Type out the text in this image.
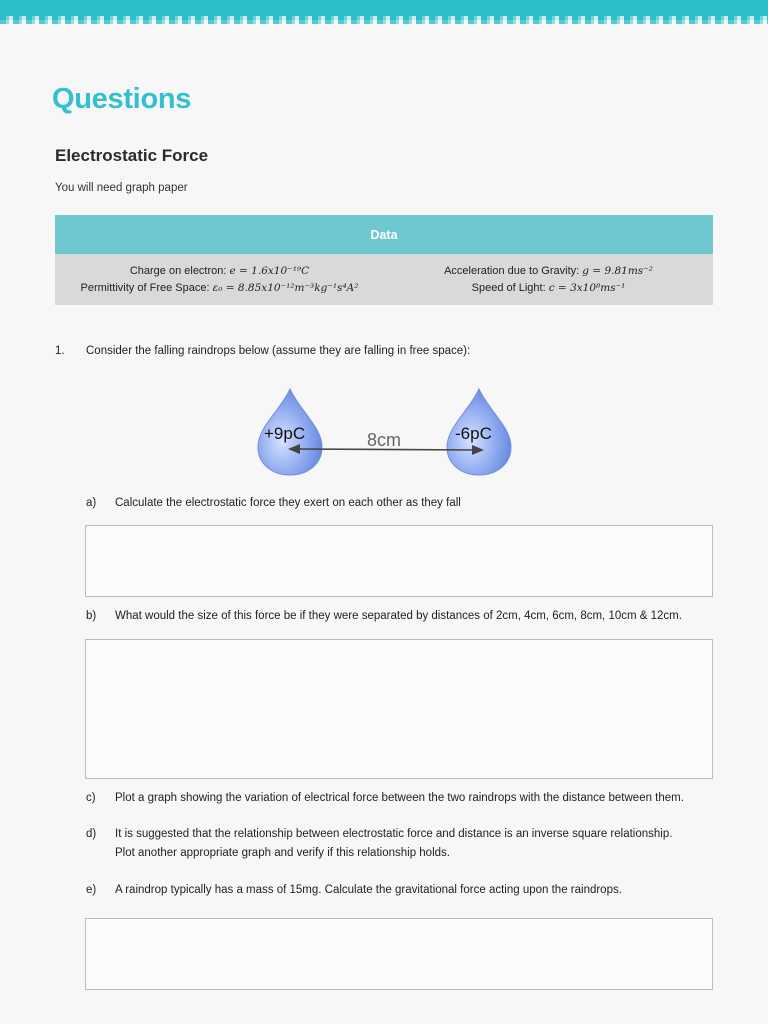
Questions
Electrostatic Force
You will need graph paper
Data
Charge on electron: e = 1.6x10⁻¹⁹C
Permittivity of Free Space: ε₀ = 8.85x10⁻¹²m⁻³kg⁻¹s⁴A²
Acceleration due to Gravity: g = 9.81ms⁻²
Speed of Light: c = 3x10⁸ms⁻¹
1. Consider the falling raindrops below (assume they are falling in free space):
+9pC	-6pC
8cm
a) Calculate the electrostatic force they exert on each other as they fall
b) What would the size of this force be if they were separated by distances of 2cm, 4cm, 6cm, 8cm, 10cm & 12cm.
c) Plot a graph showing the variation of electrical force between the two raindrops with the distance between them.
d) It is suggested that the relationship between electrostatic force and distance is an inverse square relationship.
Plot another appropriate graph and verify if this relationship holds.
e) A raindrop typically has a mass of 15mg. Calculate the gravitational force acting upon the raindrops.
